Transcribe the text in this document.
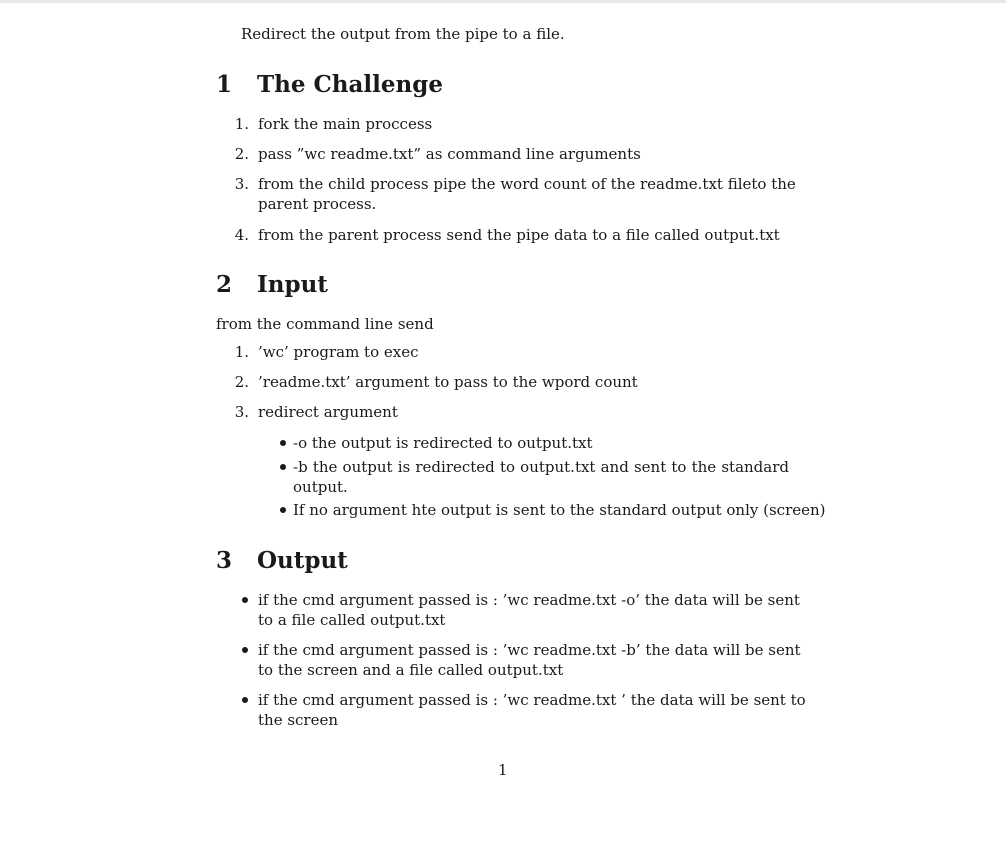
Redirect the output from the pipe to a file.
1 The Challenge
1. fork the main proccess
2. pass ”wc readme.txt” as command line arguments
3. from the child process pipe the word count of the readme.txt fileto the
parent process.
4. from the parent process send the pipe data to a file called output.txt
2 Input
from the command line send
1. ’wc’ program to exec
2. ’readme.txt’ argument to pass to the wpord count
3. redirect argument
-o the output is redirected to output.txt
-b the output is redirected to output.txt and sent to the standard
output.
If no argument hte output is sent to the standard output only (screen)
3 Output
if the cmd argument passed is : ’wc readme.txt -o’ the data will be sent
to a file called output.txt
if the cmd argument passed is : ’wc readme.txt -b’ the data will be sent
to the screen and a file called output.txt
if the cmd argument passed is : ’wc readme.txt ’ the data will be sent to
the screen
1
